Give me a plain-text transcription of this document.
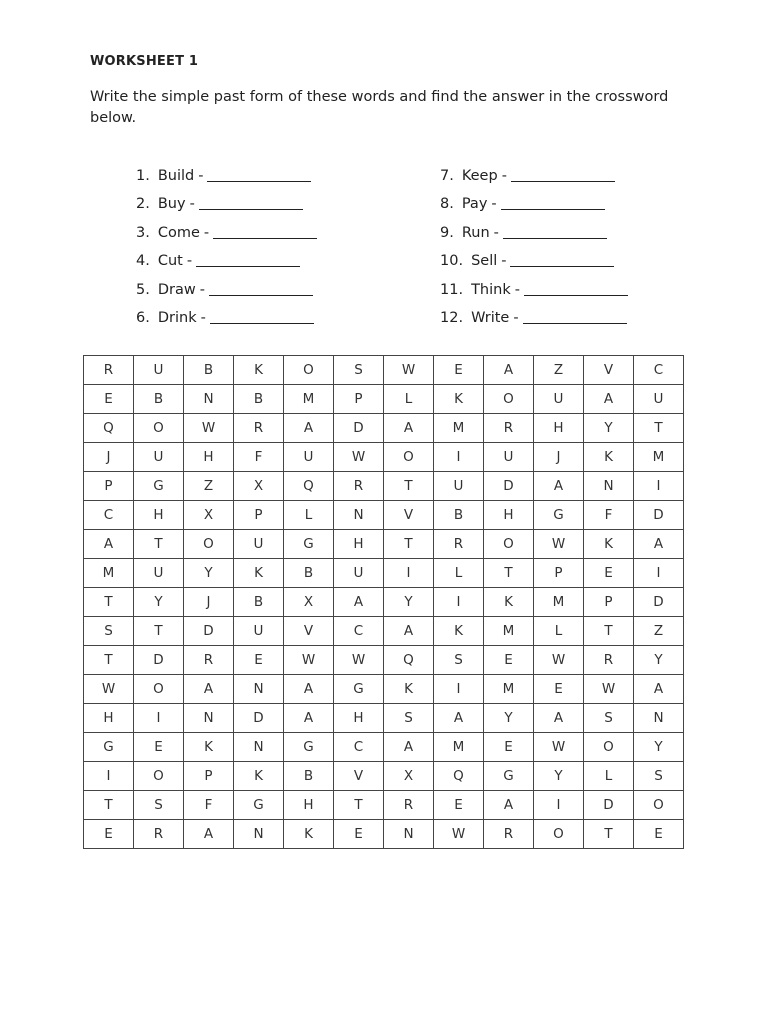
WORKSHEET 1
Write the simple past form of these words and find the answer in the crossword below.
1. Build -
2. Buy -
3. Come -
4. Cut -
5. Draw -
6. Drink -
7. Keep -
8. Pay -
9. Run -
10. Sell -
11. Think -
12. Write -
R	U	B	K	O	S	W	E	A	Z	V	C
E	B	N	B	M	P	L	K	O	U	A	U
Q	O	W	R	A	D	A	M	R	H	Y	T
J	U	H	F	U	W	O	I	U	J	K	M
P	G	Z	X	Q	R	T	U	D	A	N	I
C	H	X	P	L	N	V	B	H	G	F	D
A	T	O	U	G	H	T	R	O	W	K	A
M	U	Y	K	B	U	I	L	T	P	E	I
T	Y	J	B	X	A	Y	I	K	M	P	D
S	T	D	U	V	C	A	K	M	L	T	Z
T	D	R	E	W	W	Q	S	E	W	R	Y
W	O	A	N	A	G	K	I	M	E	W	A
H	I	N	D	A	H	S	A	Y	A	S	N
G	E	K	N	G	C	A	M	E	W	O	Y
I	O	P	K	B	V	X	Q	G	Y	L	S
T	S	F	G	H	T	R	E	A	I	D	O
E	R	A	N	K	E	N	W	R	O	T	E
